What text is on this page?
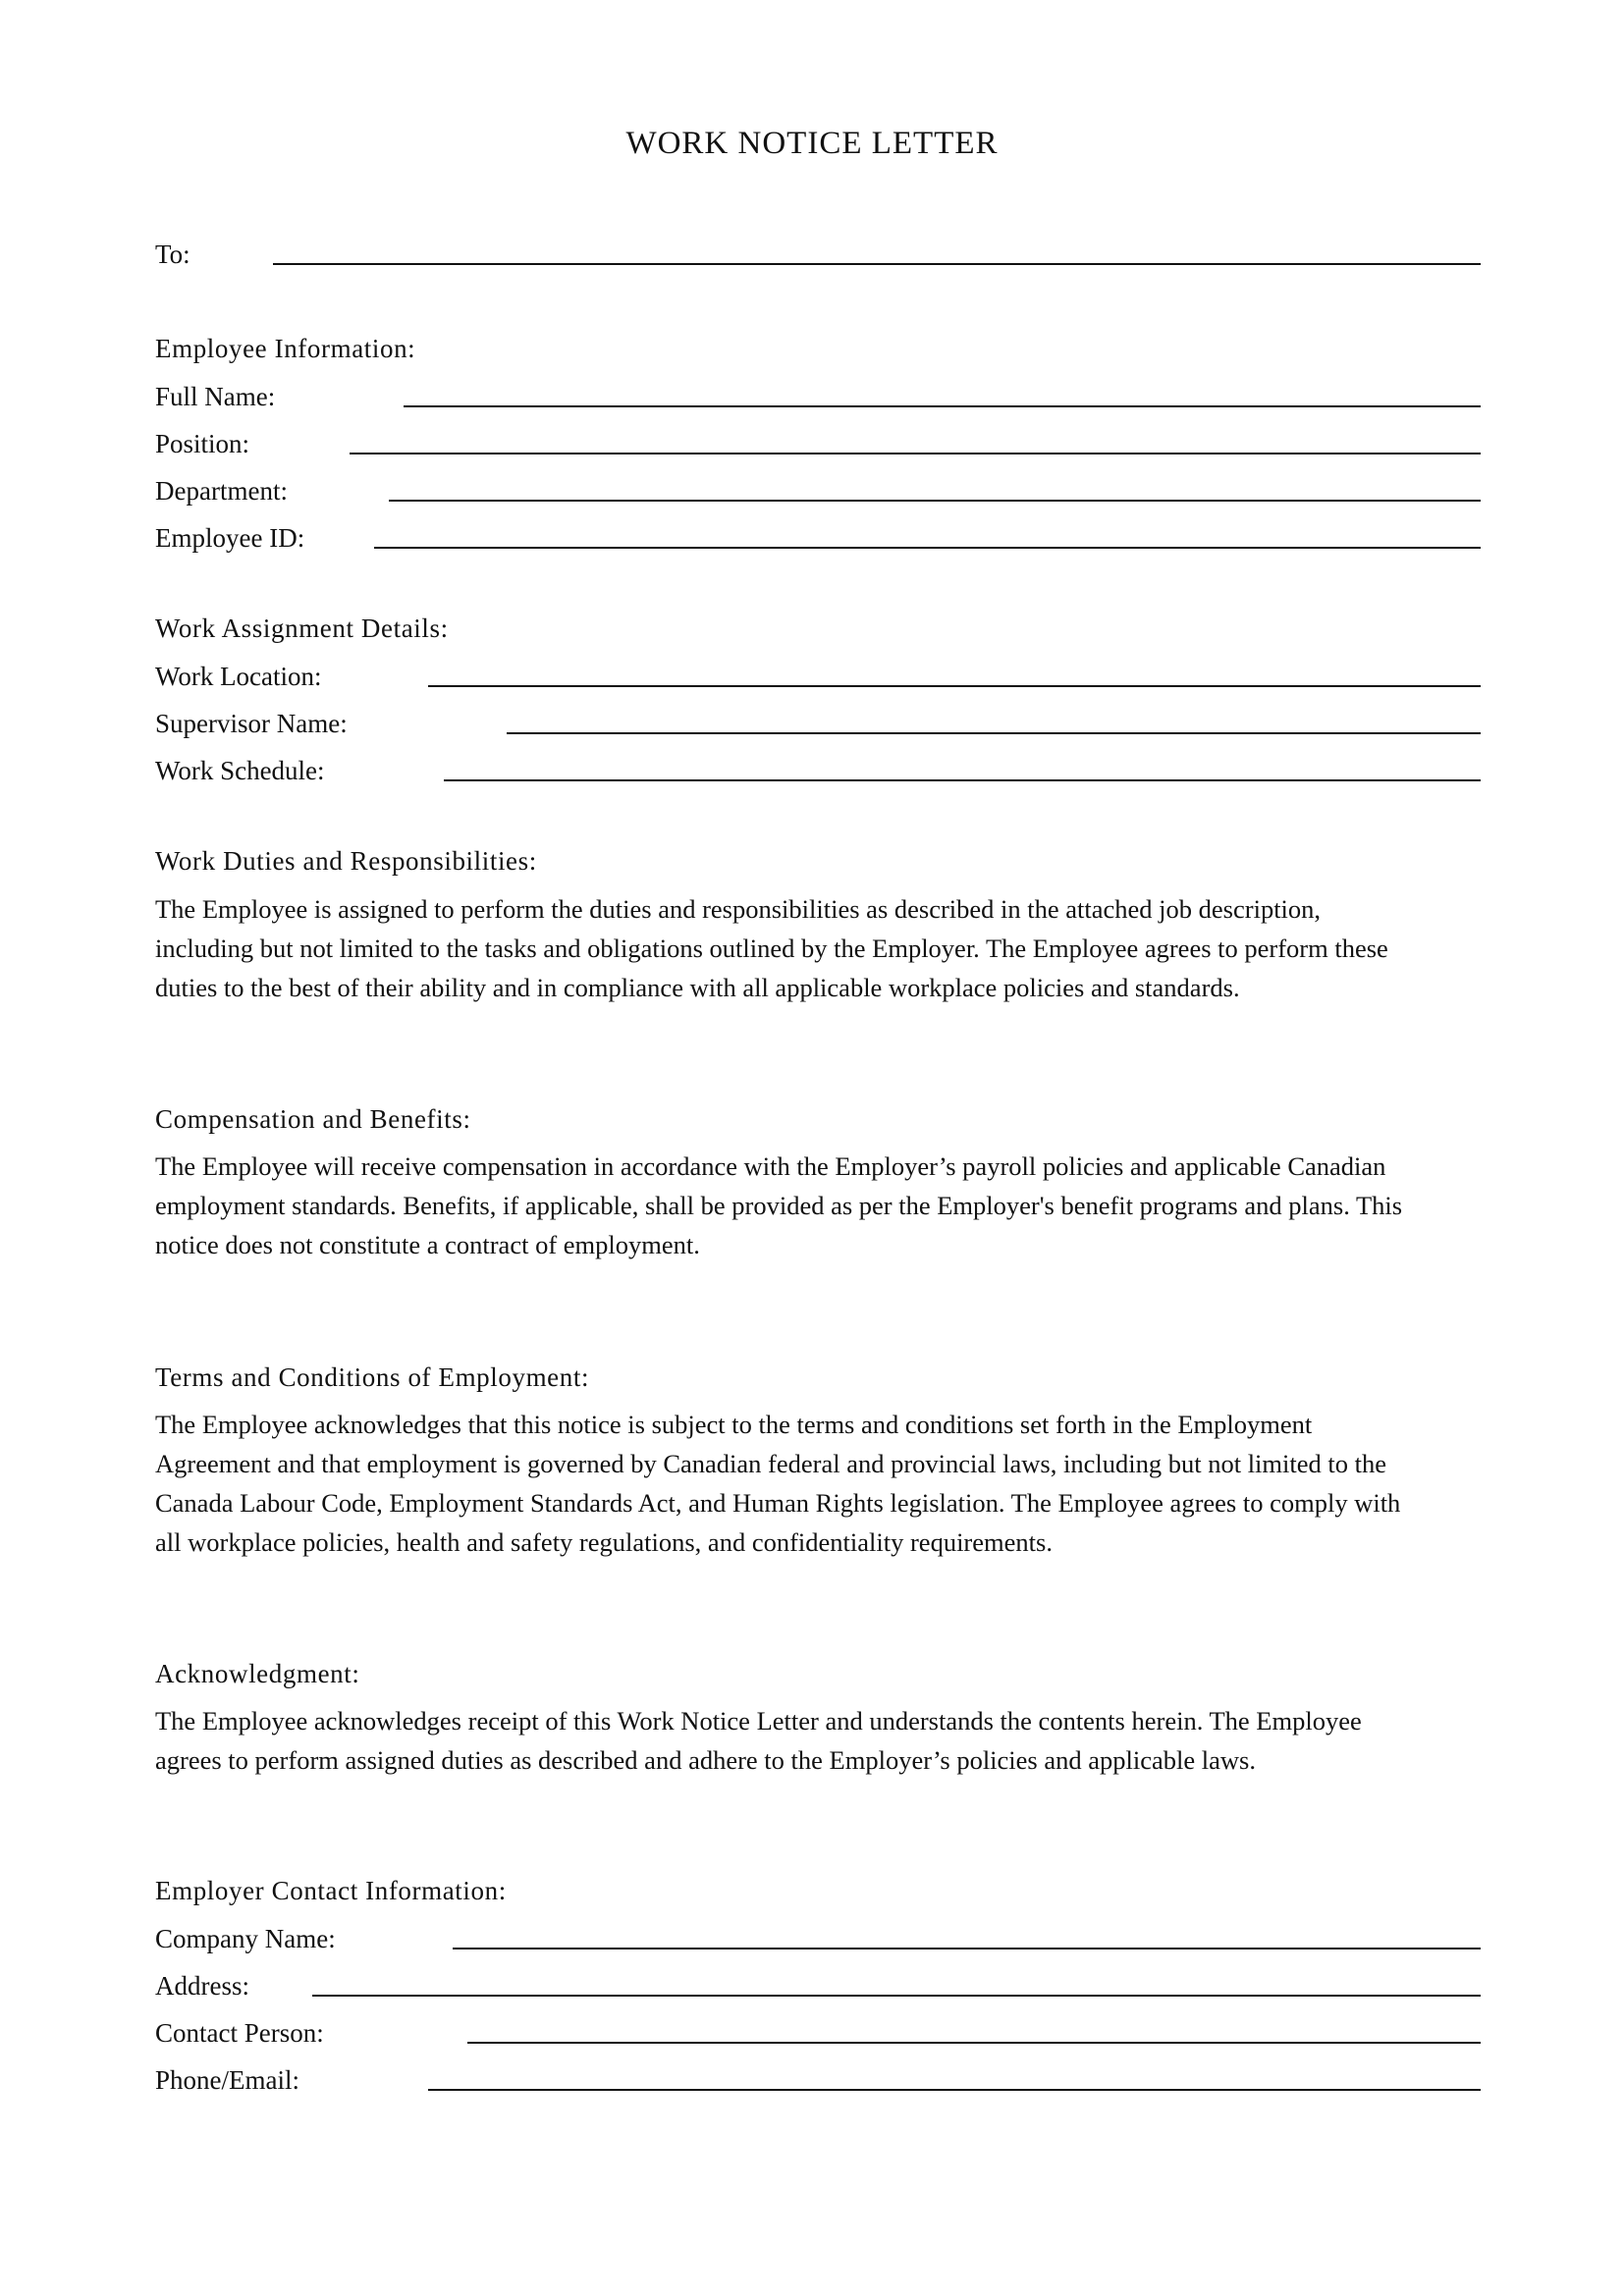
WORK NOTICE LETTER
To:
Employee Information:
Full Name:
Position:
Department:
Employee ID:
Work Assignment Details:
Work Location:
Supervisor Name:
Work Schedule:
Work Duties and Responsibilities:
The Employee is assigned to perform the duties and responsibilities as described in the attached job description,
including but not limited to the tasks and obligations outlined by the Employer. The Employee agrees to perform these
duties to the best of their ability and in compliance with all applicable workplace policies and standards.
Compensation and Benefits:
The Employee will receive compensation in accordance with the Employer’s payroll policies and applicable Canadian
employment standards. Benefits, if applicable, shall be provided as per the Employer's benefit programs and plans. This
notice does not constitute a contract of employment.
Terms and Conditions of Employment:
The Employee acknowledges that this notice is subject to the terms and conditions set forth in the Employment
Agreement and that employment is governed by Canadian federal and provincial laws, including but not limited to the
Canada Labour Code, Employment Standards Act, and Human Rights legislation. The Employee agrees to comply with
all workplace policies, health and safety regulations, and confidentiality requirements.
Acknowledgment:
The Employee acknowledges receipt of this Work Notice Letter and understands the contents herein. The Employee
agrees to perform assigned duties as described and adhere to the Employer’s policies and applicable laws.
Employer Contact Information:
Company Name:
Address:
Contact Person:
Phone/Email:
